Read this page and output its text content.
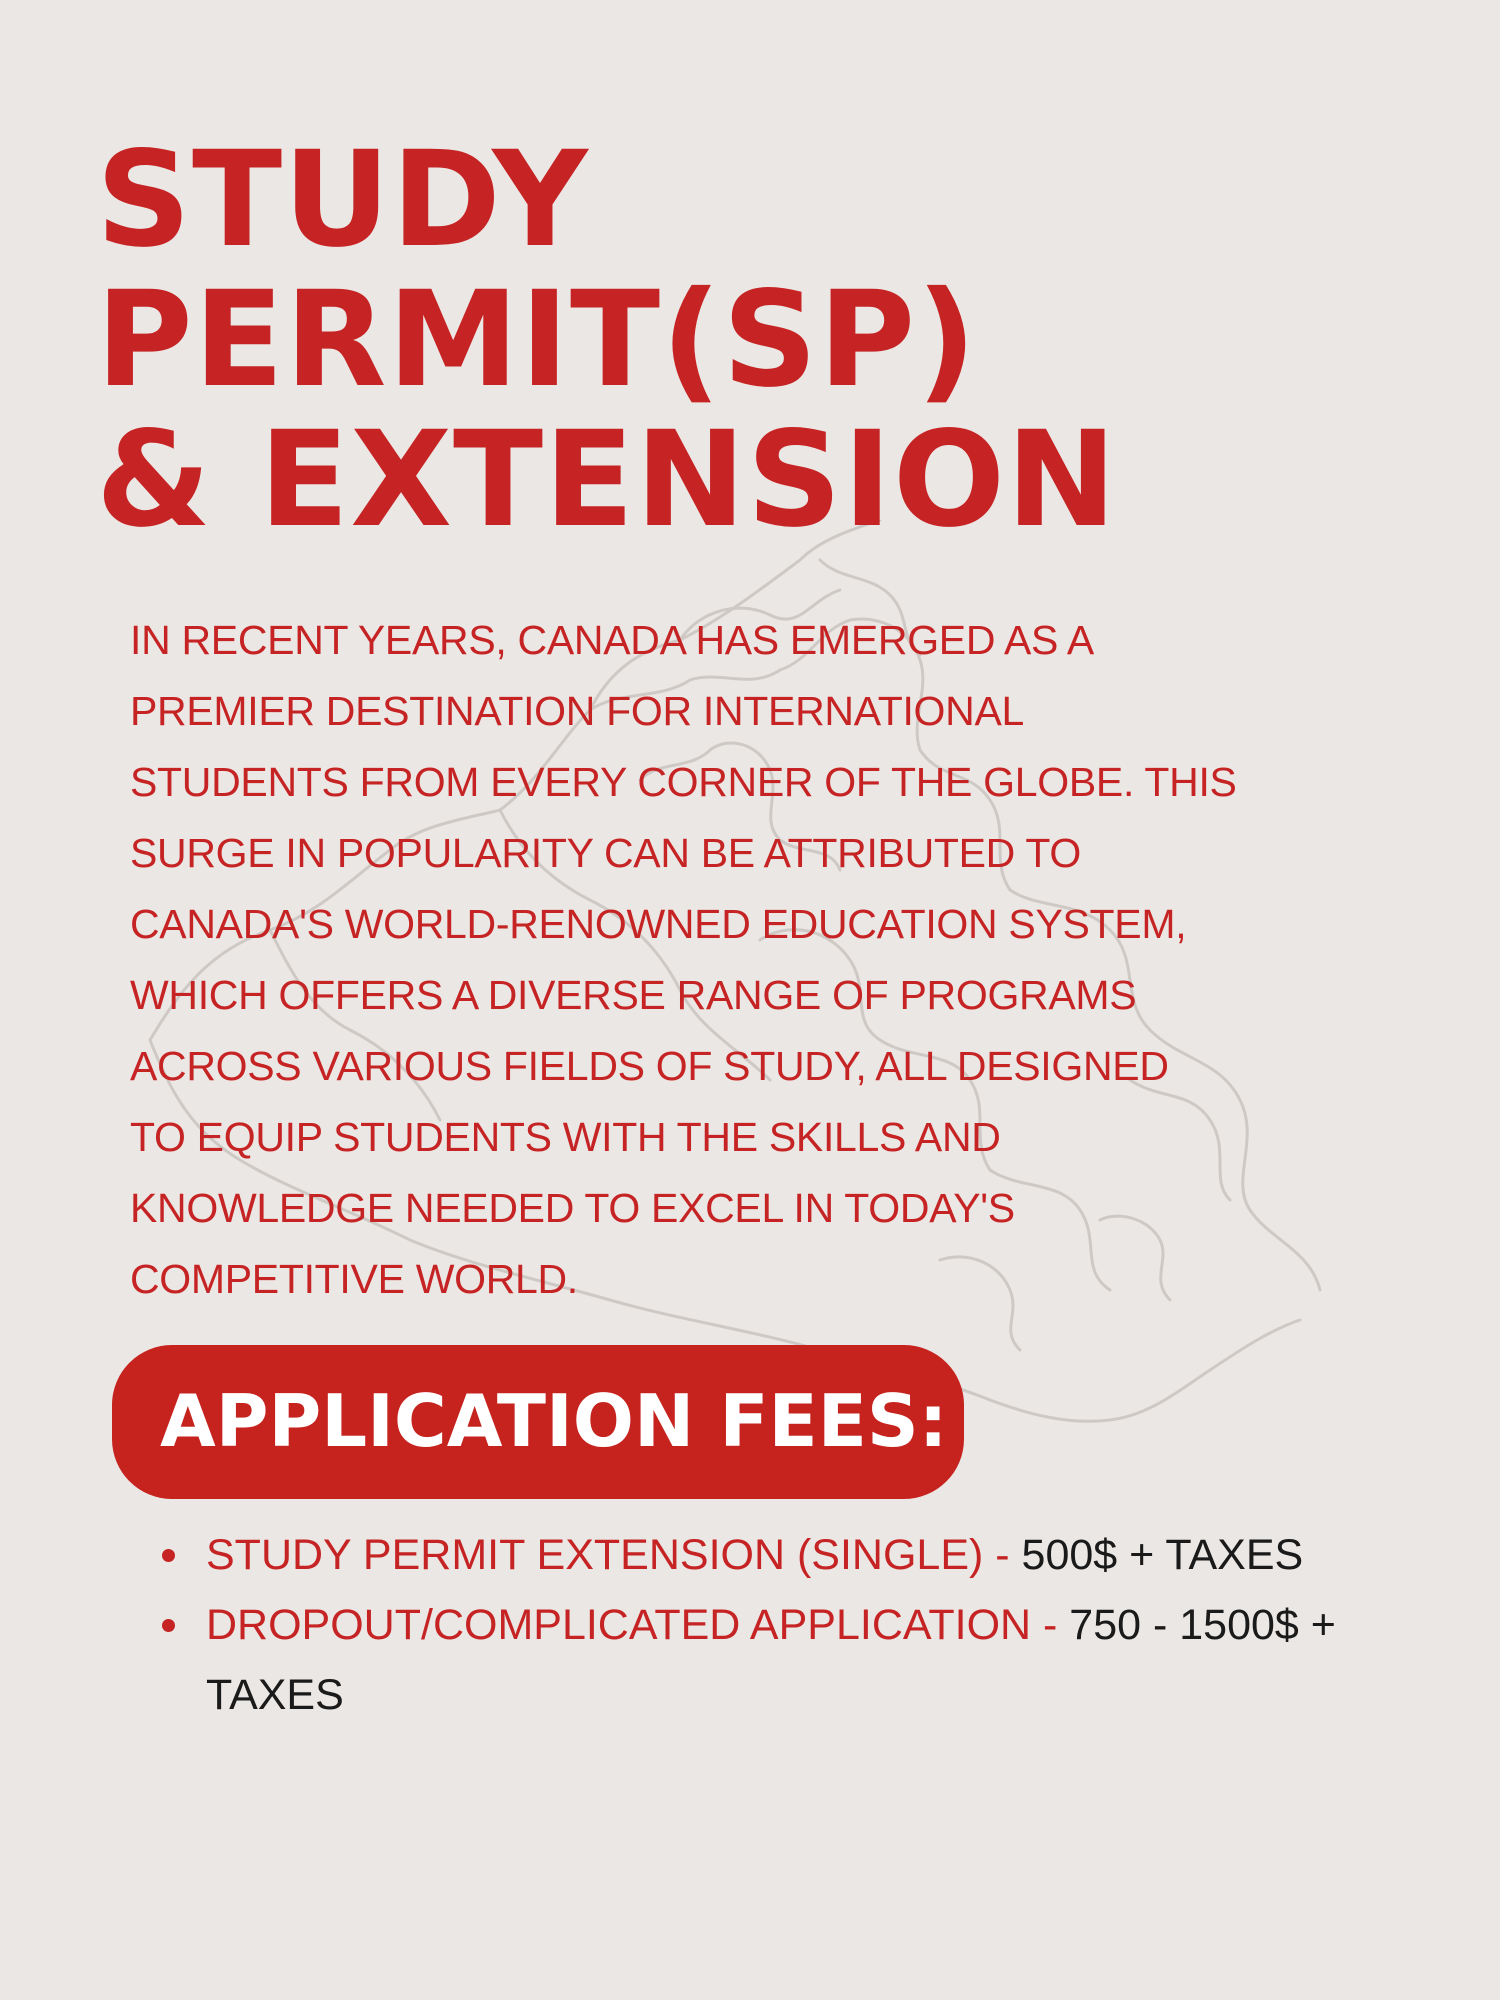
STUDY
PERMIT(SP)
& EXTENSION

IN RECENT YEARS, CANADA HAS EMERGED AS A
PREMIER DESTINATION FOR INTERNATIONAL
STUDENTS FROM EVERY CORNER OF THE GLOBE. THIS
SURGE IN POPULARITY CAN BE ATTRIBUTED TO
CANADA'S WORLD-RENOWNED EDUCATION SYSTEM,
WHICH OFFERS A DIVERSE RANGE OF PROGRAMS
ACROSS VARIOUS FIELDS OF STUDY, ALL DESIGNED
TO EQUIP STUDENTS WITH THE SKILLS AND
KNOWLEDGE NEEDED TO EXCEL IN TODAY'S
COMPETITIVE WORLD.

APPLICATION FEES:
STUDY PERMIT EXTENSION (SINGLE) - 500$ + TAXES
DROPOUT/COMPLICATED APPLICATION - 750 - 1500$ + TAXES
